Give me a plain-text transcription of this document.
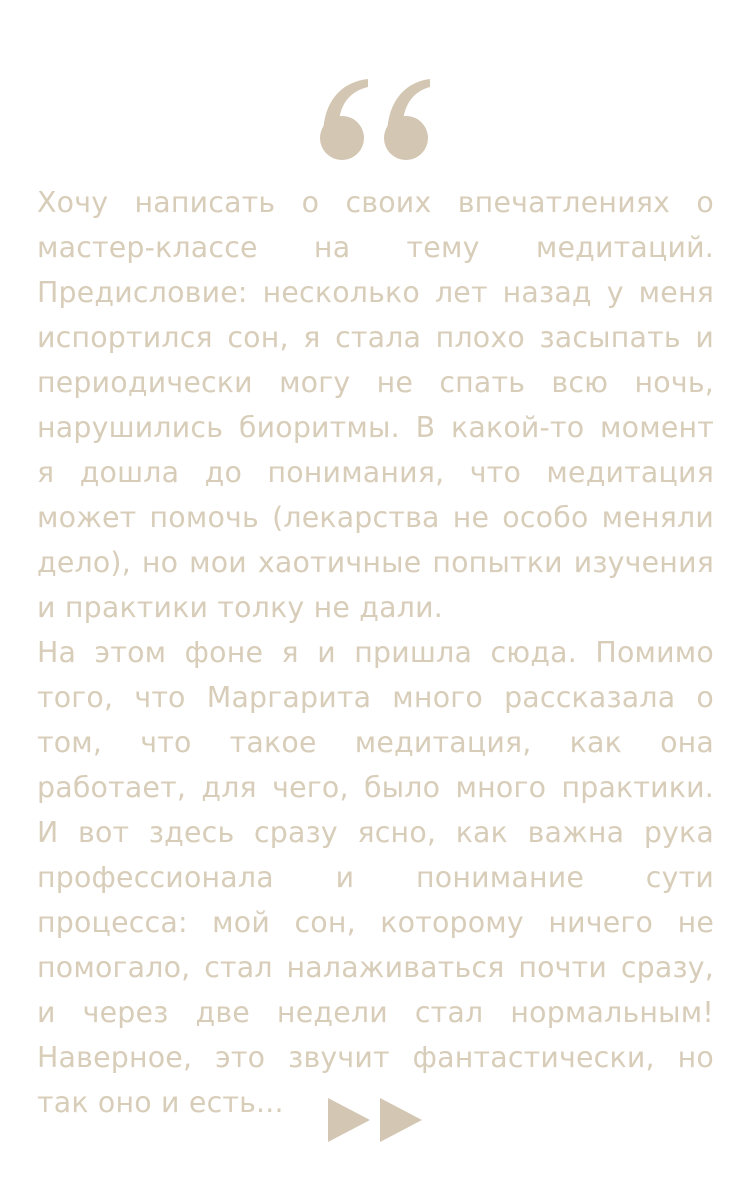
Хочу написать о своих впечатлениях о мастер-классе на тему медитаций. Предисловие: несколько лет назад у меня испортился сон, я стала плохо засыпать и периодически могу не спать всю ночь, нарушились биоритмы. В какой-то момент я дошла до понимания, что медитация может помочь (лекарства не особо меняли дело), но мои хаотичные попытки изучения и практики толку не дали.

На этом фоне я и пришла сюда. Помимо того, что Маргарита много рассказала о том, что такое медитация, как она работает, для чего, было много практики. И вот здесь сразу ясно, как важна рука профессионала и понимание сути процесса: мой сон, которому ничего не помогало, стал налаживаться почти сразу, и через две недели стал нормальным! Наверное, это звучит фантастически, но так оно и есть...
